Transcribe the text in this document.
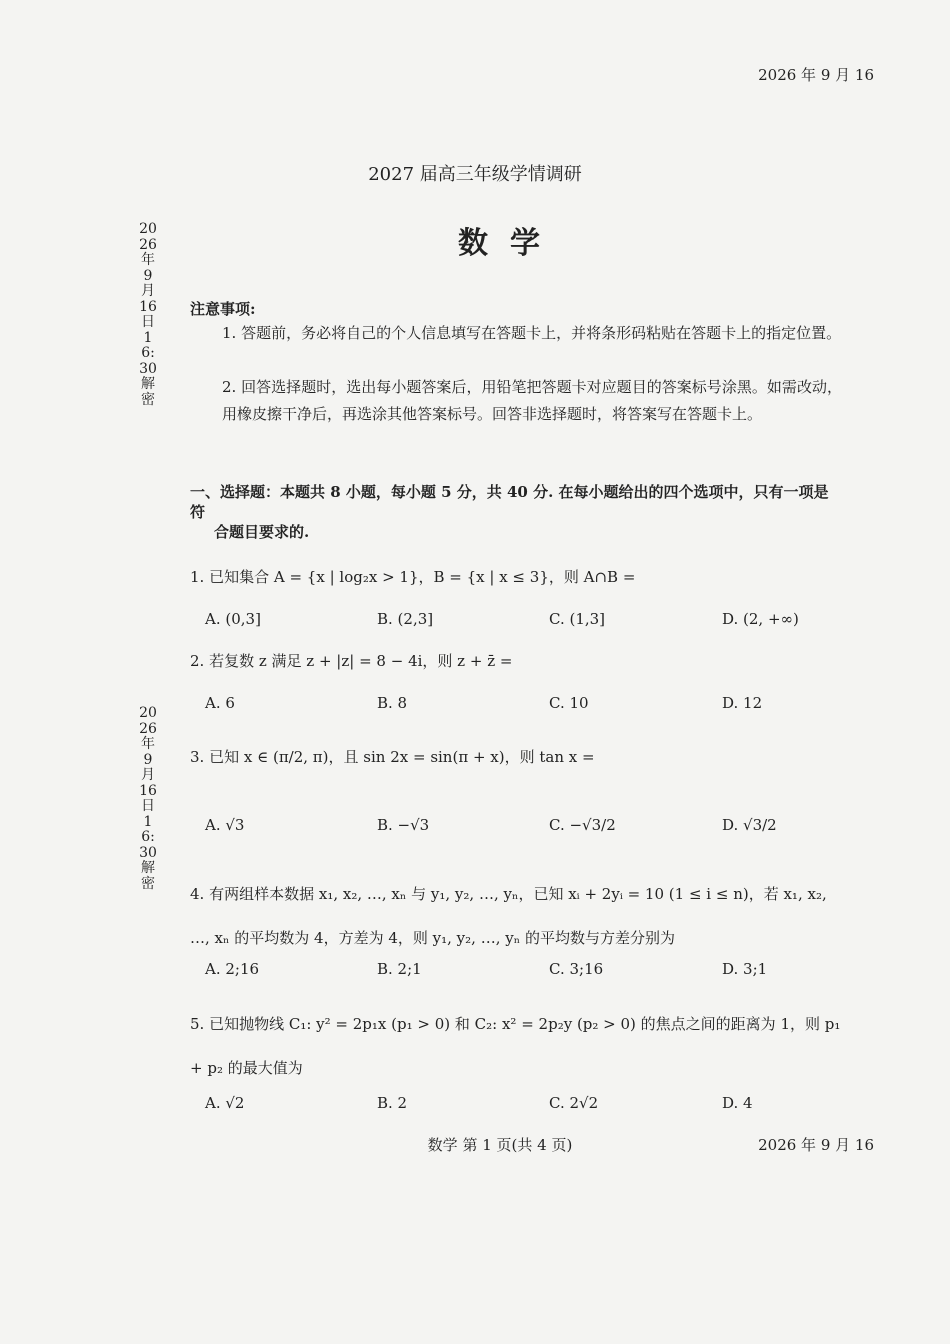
2026 年 9 月 16
2027 届高三年级学情调研
数学
2026年9月16日16:30解密
2026年9月16日16:30解密
注意事项:
1. 答题前，务必将自己的个人信息填写在答题卡上，并将条形码粘贴在答题卡上的指定位置。
2. 回答选择题时，选出每小题答案后，用铅笔把答题卡对应题目的答案标号涂黑。如需改动，用橡皮擦干净后，再选涂其他答案标号。回答非选择题时，将答案写在答题卡上。
一、选择题：本题共 8 小题，每小题 5 分，共 40 分. 在每小题给出的四个选项中，只有一项是符
合题目要求的.
1. 已知集合 A = {x | log₂x > 1}，B = {x | x ≤ 3}，则 A∩B =
A. (0,3]	B. (2,3]	C. (1,3]	D. (2, +∞)
2. 若复数 z 满足 z + |z| = 8 − 4i，则 z + z̄ =
A. 6	B. 8	C. 10	D. 12
3. 已知 x ∈ (π/2, π)，且 sin 2x = sin(π + x)，则 tan x =
A. √3	B. −√3	C. −√3/2	D. √3/2
4. 有两组样本数据 x₁, x₂, …, xₙ 与 y₁, y₂, …, yₙ，已知 xᵢ + 2yᵢ = 10 (1 ≤ i ≤ n)，若 x₁, x₂, …, xₙ 的平均数为 4，方差为 4，则 y₁, y₂, …, yₙ 的平均数与方差分别为
A. 2;16	B. 2;1	C. 3;16	D. 3;1
5. 已知抛物线 C₁: y² = 2p₁x (p₁ > 0) 和 C₂: x² = 2p₂y (p₂ > 0) 的焦点之间的距离为 1，则 p₁ + p₂ 的最大值为
A. √2	B. 2	C. 2√2	D. 4
数学 第 1 页(共 4 页)	2026 年 9 月 16
